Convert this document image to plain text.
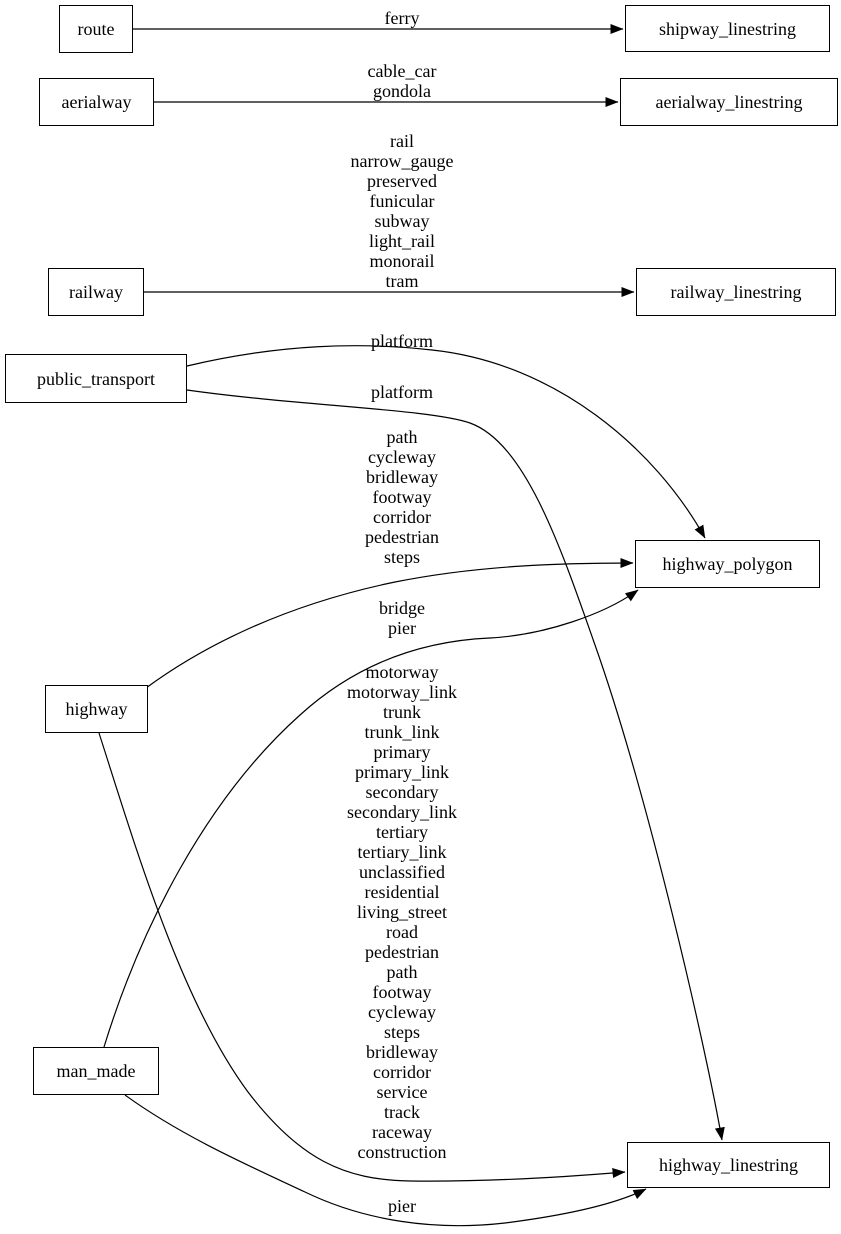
route
aerialway
railway
public_transport
highway
man_made
shipway_linestring
aerialway_linestring
railway_linestring
highway_polygon
highway_linestring
ferry
cable_car
gondola
rail
narrow_gauge
preserved
funicular
subway
light_rail
monorail
tram
platform
platform
path
cycleway
bridleway
footway
corridor
pedestrian
steps
bridge
pier
motorway
motorway_link
trunk
trunk_link
primary
primary_link
secondary
secondary_link
tertiary
tertiary_link
unclassified
residential
living_street
road
pedestrian
path
footway
cycleway
steps
bridleway
corridor
service
track
raceway
construction
pier
